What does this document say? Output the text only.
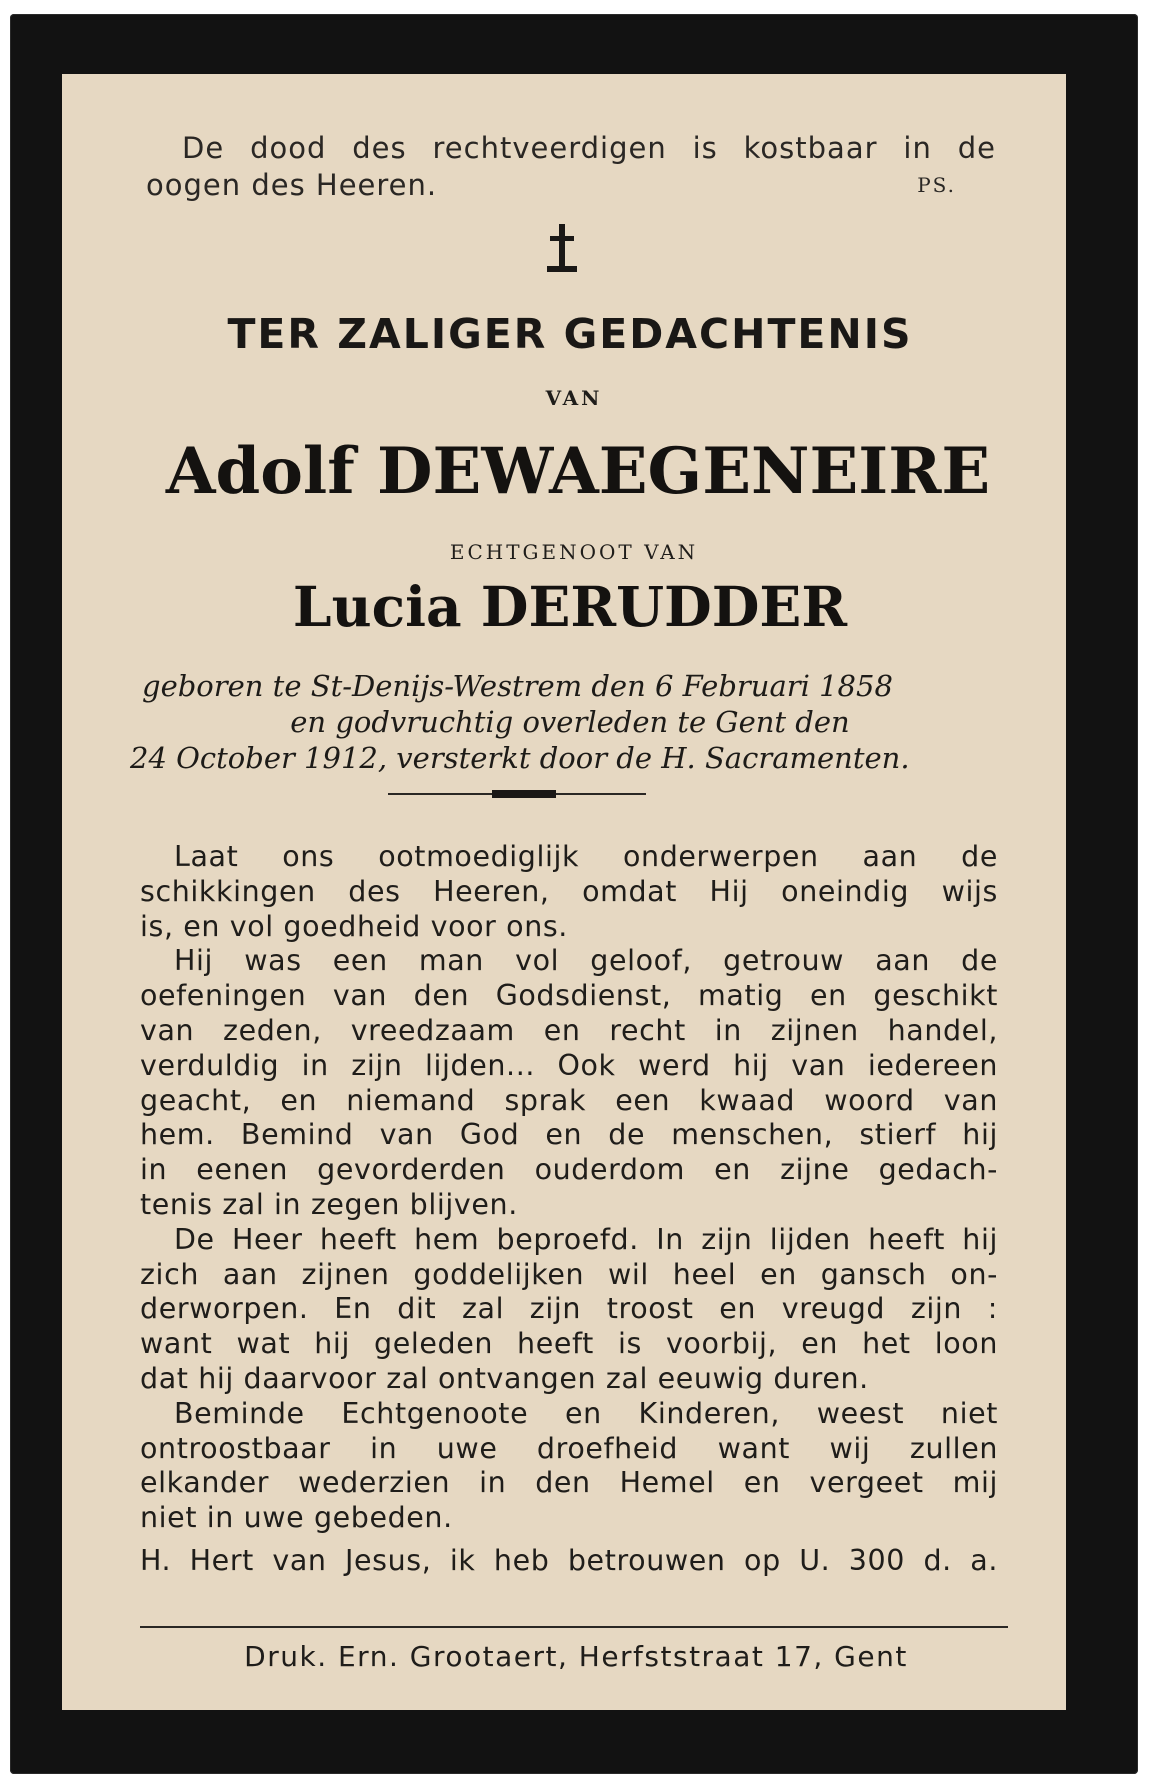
De dood des rechtveerdigen is kostbaar in de
oogen des Heeren.	PS.
TER ZALIGER GEDACHTENIS
VAN
Adolf DEWAEGENEIRE
ECHTGENOOT VAN
Lucia DERUDDER
geboren te St-Denijs-Westrem den 6 Februari 1858
en godvruchtig overleden te Gent den
24 October 1912, versterkt door de H. Sacramenten.
Laat ons ootmoediglijk onderwerpen aan de
schikkingen des Heeren, omdat Hij oneindig wijs
is, en vol goedheid voor ons.
Hij was een man vol geloof, getrouw aan de
oefeningen van den Godsdienst, matig en geschikt
van zeden, vreedzaam en recht in zijnen handel,
verduldig in zijn lijden... Ook werd hij van iedereen
geacht, en niemand sprak een kwaad woord van
hem. Bemind van God en de menschen, stierf hij
in eenen gevorderden ouderdom en zijne gedach-
tenis zal in zegen blijven.
De Heer heeft hem beproefd. In zijn lijden heeft hij
zich aan zijnen goddelijken wil heel en gansch on-
derworpen. En dit zal zijn troost en vreugd zijn :
want wat hij geleden heeft is voorbij, en het loon
dat hij daarvoor zal ontvangen zal eeuwig duren.
Beminde Echtgenoote en Kinderen, weest niet
ontroostbaar in uwe droefheid want wij zullen
elkander wederzien in den Hemel en vergeet mij
niet in uwe gebeden.
H. Hert van Jesus, ik heb betrouwen op U. 300 d. a.
Druk. Ern. Grootaert, Herfststraat 17, Gent
